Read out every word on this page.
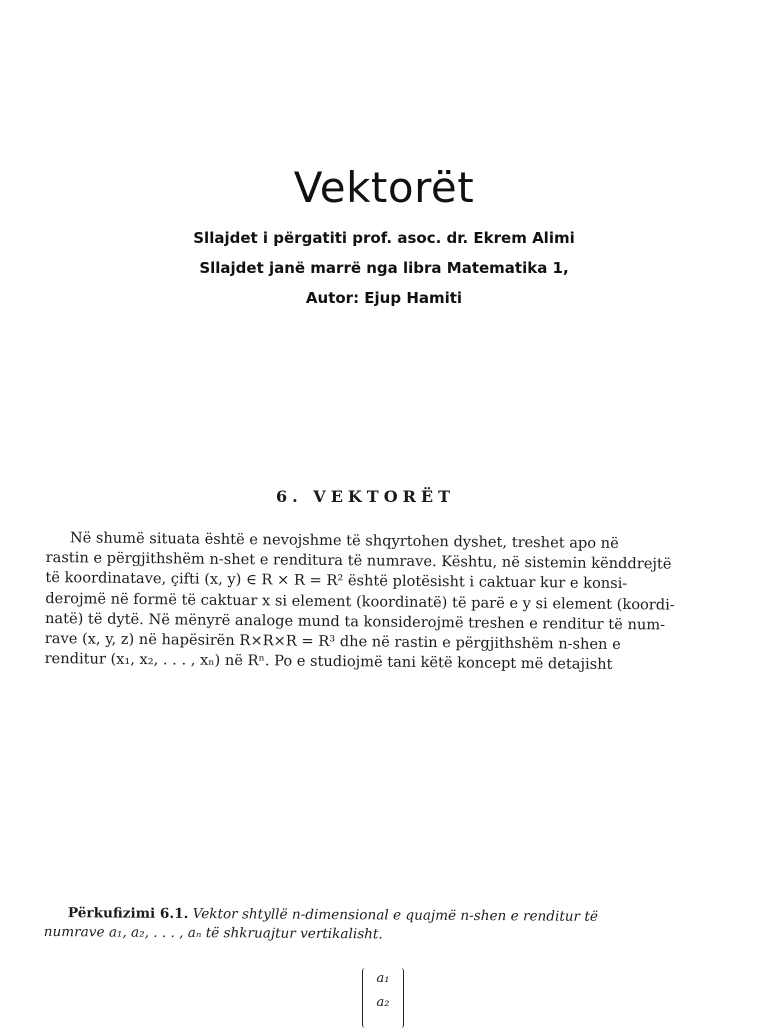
Vektorët
Sllajdet i përgatiti prof. asoc. dr. Ekrem Alimi
Sllajdet janë marrë nga libra Matematika 1,
Autor: Ejup Hamiti
6. VEKTORËT
Në shumë situata është e nevojshme të shqyrtohen dyshet, treshet apo në
rastin e përgjithshëm n-shet e renditura të numrave. Kështu, në sistemin kënddrejtë
të koordinatave, çifti (x, y) ∈ R × R = R² është plotësisht i caktuar kur e konsi-
derojmë në formë të caktuar x si element (koordinatë) të parë e y si element (koordi-
natë) të dytë. Në mënyrë analoge mund ta konsiderojmë treshen e renditur të num-
rave (x, y, z) në hapësirën R×R×R = R³ dhe në rastin e përgjithshëm n-shen e
renditur (x₁, x₂, . . . , xₙ) në Rⁿ. Po e studiojmë tani këtë koncept më detajisht
Përkufizimi 6.1. Vektor shtyllë n-dimensional e quajmë n-shen e renditur të
numrave a₁, a₂, . . . , aₙ të shkruajtur vertikalisht.
a₁
a₂
